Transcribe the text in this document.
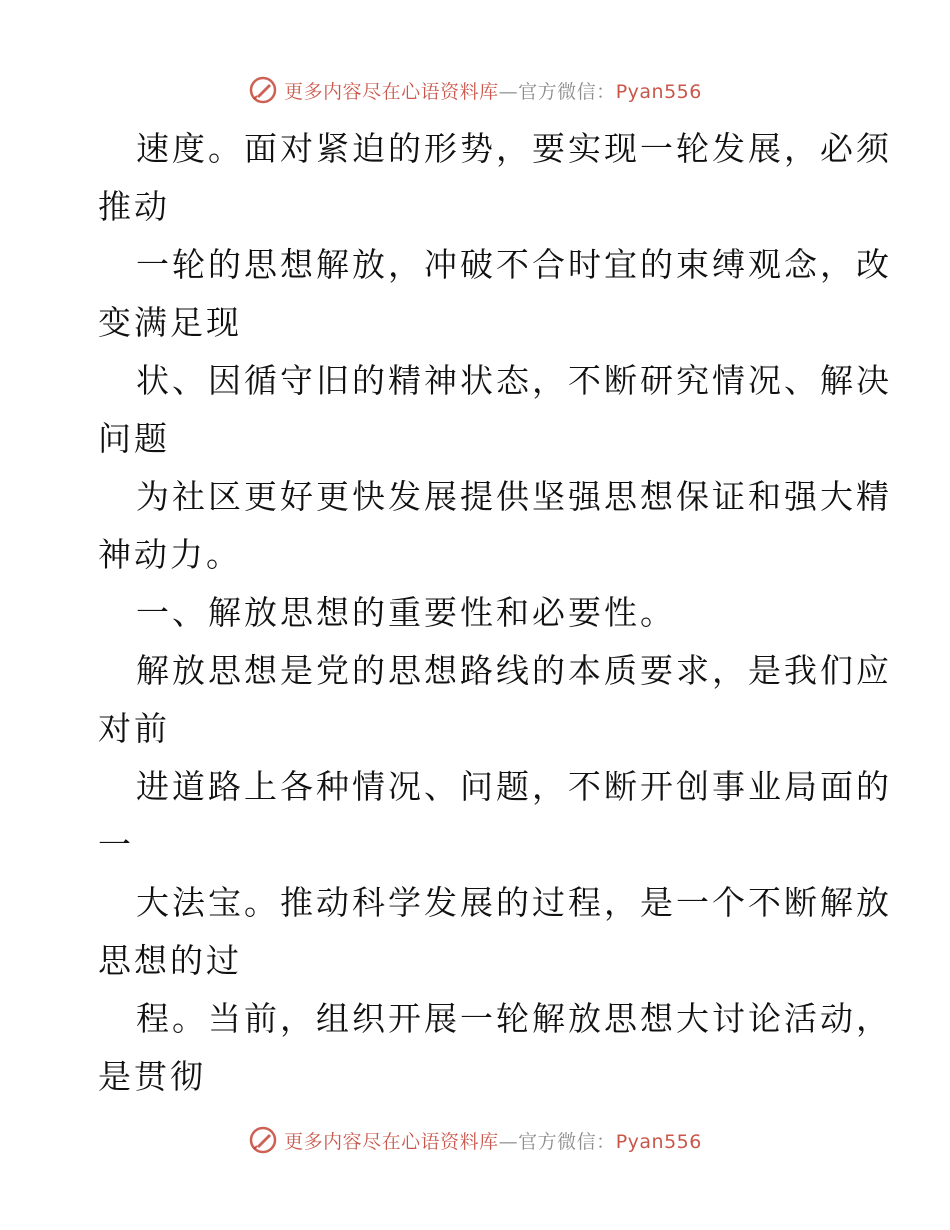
更多内容尽在心语资料库—官方微信：Pyan556
速度。面对紧迫的形势，要实现一轮发展，必须
推动
一轮的思想解放，冲破不合时宜的束缚观念，改
变满足现
状、因循守旧的精神状态，不断研究情况、解决
问题
为社区更好更快发展提供坚强思想保证和强大精
神动力。
一、解放思想的重要性和必要性。
解放思想是党的思想路线的本质要求，是我们应
对前
进道路上各种情况、问题，不断开创事业局面的
一
大法宝。推动科学发展的过程，是一个不断解放
思想的过
程。当前，组织开展一轮解放思想大讨论活动，
是贯彻
更多内容尽在心语资料库—官方微信：Pyan556
